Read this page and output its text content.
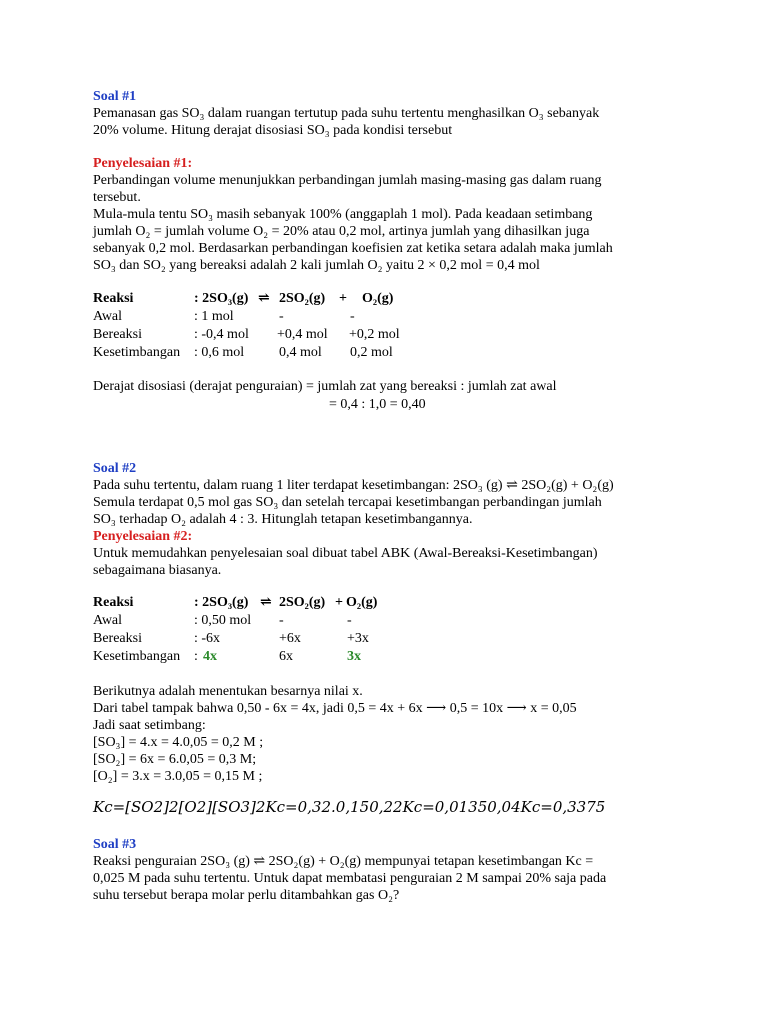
Soal #1
Pemanasan gas SO₃ dalam ruangan tertutup pada suhu tertentu menghasilkan O₃ sebanyak
20% volume. Hitung derajat disosiasi SO₃ pada kondisi tersebut
Penyelesaian #1:
Perbandingan volume menunjukkan perbandingan jumlah masing-masing gas dalam ruang
tersebut.
Mula-mula tentu SO₃ masih sebanyak 100% (anggaplah 1 mol). Pada keadaan setimbang
jumlah O₂ = jumlah volume O₂ = 20% atau 0,2 mol, artinya jumlah yang dihasilkan juga
sebanyak 0,2 mol. Berdasarkan perbandingan koefisien zat ketika setara adalah maka jumlah
SO₃ dan SO₂ yang bereaksi adalah 2 kali jumlah O₂ yaitu 2 × 0,2 mol = 0,4 mol
Reaksi	: 2SO₃(g) ⇌ 2SO₂(g) + O₂(g)
Awal	: 1 mol	-	-
Bereaksi	: -0,4 mol +0,4 mol +0,2 mol
Kesetimbangan : 0,6 mol 0,4 mol 0,2 mol
Derajat disosiasi (derajat penguraian) = jumlah zat yang bereaksi : jumlah zat awal
= 0,4 : 1,0 = 0,40
Soal #2
Pada suhu tertentu, dalam ruang 1 liter terdapat kesetimbangan: 2SO₃ (g) ⇌ 2SO₂(g) + O₂(g)
Semula terdapat 0,5 mol gas SO₃ dan setelah tercapai kesetimbangan perbandingan jumlah
SO₃ terhadap O₂ adalah 4 : 3. Hitunglah tetapan kesetimbangannya.
Penyelesaian #2:
Untuk memudahkan penyelesaian soal dibuat tabel ABK (Awal-Bereaksi-Kesetimbangan)
sebagaimana biasanya.
Reaksi	: 2SO₃(g) ⇌ 2SO₂(g) + O₂(g)
Awal	: 0,50 mol -	-
Bereaksi	: -6x	+6x	+3x
Kesetimbangan : 4x	6x	3x
Berikutnya adalah menentukan besarnya nilai x.
Dari tabel tampak bahwa 0,50 - 6x = 4x, jadi 0,5 = 4x + 6x ⟶ 0,5 = 10x ⟶ x = 0,05
Jadi saat setimbang:
[SO₃] = 4.x = 4.0,05 = 0,2 M ;
[SO₂] = 6x = 6.0,05 = 0,3 M;
[O₂] = 3.x = 3.0,05 = 0,15 M ;
Kc=[SO2]2[O2][SO3]2Kc=0,32.0,150,22Kc=0,01350,04Kc=0,3375
Soal #3
Reaksi penguraian 2SO₃ (g) ⇌ 2SO₂(g) + O₂(g) mempunyai tetapan kesetimbangan Kc =
0,025 M pada suhu tertentu. Untuk dapat membatasi penguraian 2 M sampai 20% saja pada
suhu tersebut berapa molar perlu ditambahkan gas O₂?
